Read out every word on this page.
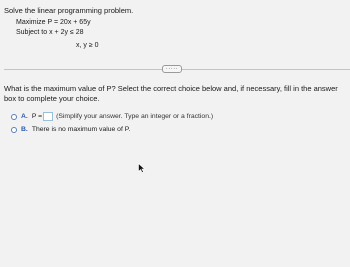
Solve the linear programming problem.
Maximize P = 20x + 65y
Subject to x + 2y ≤ 28
x, y ≥ 0
·····
What is the maximum value of P? Select the correct choice below and, if necessary, fill in the answer box to complete your choice.
A. P = (Simplify your answer. Type an integer or a fraction.)
B. There is no maximum value of P.
